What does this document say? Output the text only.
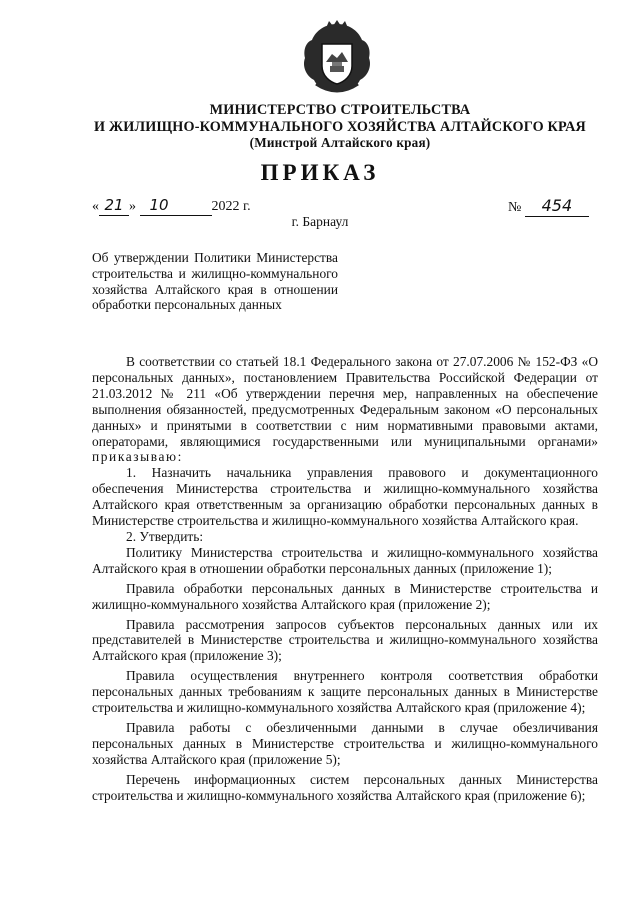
МИНИСТЕРСТВО СТРОИТЕЛЬСТВА
И ЖИЛИЩНО-КОММУНАЛЬНОГО ХОЗЯЙСТВА АЛТАЙСКОГО КРАЯ
(Минстрой Алтайского края)
ПРИКАЗ
« 21 » 10	2022 г.	№ 454
г. Барнаул
Об утверждении Политики Министерства строительства и жилищно-коммунального хозяйства Алтайского края в отношении обработки персональных данных

В соответствии со статьей 18.1 Федерального закона от 27.07.2006 № 152-ФЗ «О персональных данных», постановлением Правительства Российской Федерации от 21.03.2012 № 211 «Об утверждении перечня мер, направленных на обеспечение выполнения обязанностей, предусмотренных Федеральным законом «О персональных данных» и принятыми в соответствии с ним нормативными правовыми актами, операторами, являющимися государственными или муниципальными органами» приказываю:

1. Назначить начальника управления правового и документационного обеспечения Министерства строительства и жилищно-коммунального хозяйства Алтайского края ответственным за организацию обработки персональных данных в Министерстве строительства и жилищно-коммунального хозяйства Алтайского края.

2. Утвердить:

Политику Министерства строительства и жилищно-коммунального хозяйства Алтайского края в отношении обработки персональных данных (приложение 1);

Правила обработки персональных данных в Министерстве строительства и жилищно-коммунального хозяйства Алтайского края (приложение 2);

Правила рассмотрения запросов субъектов персональных данных или их представителей в Министерстве строительства и жилищно-коммунального хозяйства Алтайского края (приложение 3);

Правила осуществления внутреннего контроля соответствия обработки персональных данных требованиям к защите персональных данных в Министерстве строительства и жилищно-коммунального хозяйства Алтайского края (приложение 4);

Правила работы с обезличенными данными в случае обезличивания персональных данных в Министерстве строительства и жилищно-коммунального хозяйства Алтайского края (приложение 5);

Перечень информационных систем персональных данных Министерства строительства и жилищно-коммунального хозяйства Алтайского края (приложение 6);
